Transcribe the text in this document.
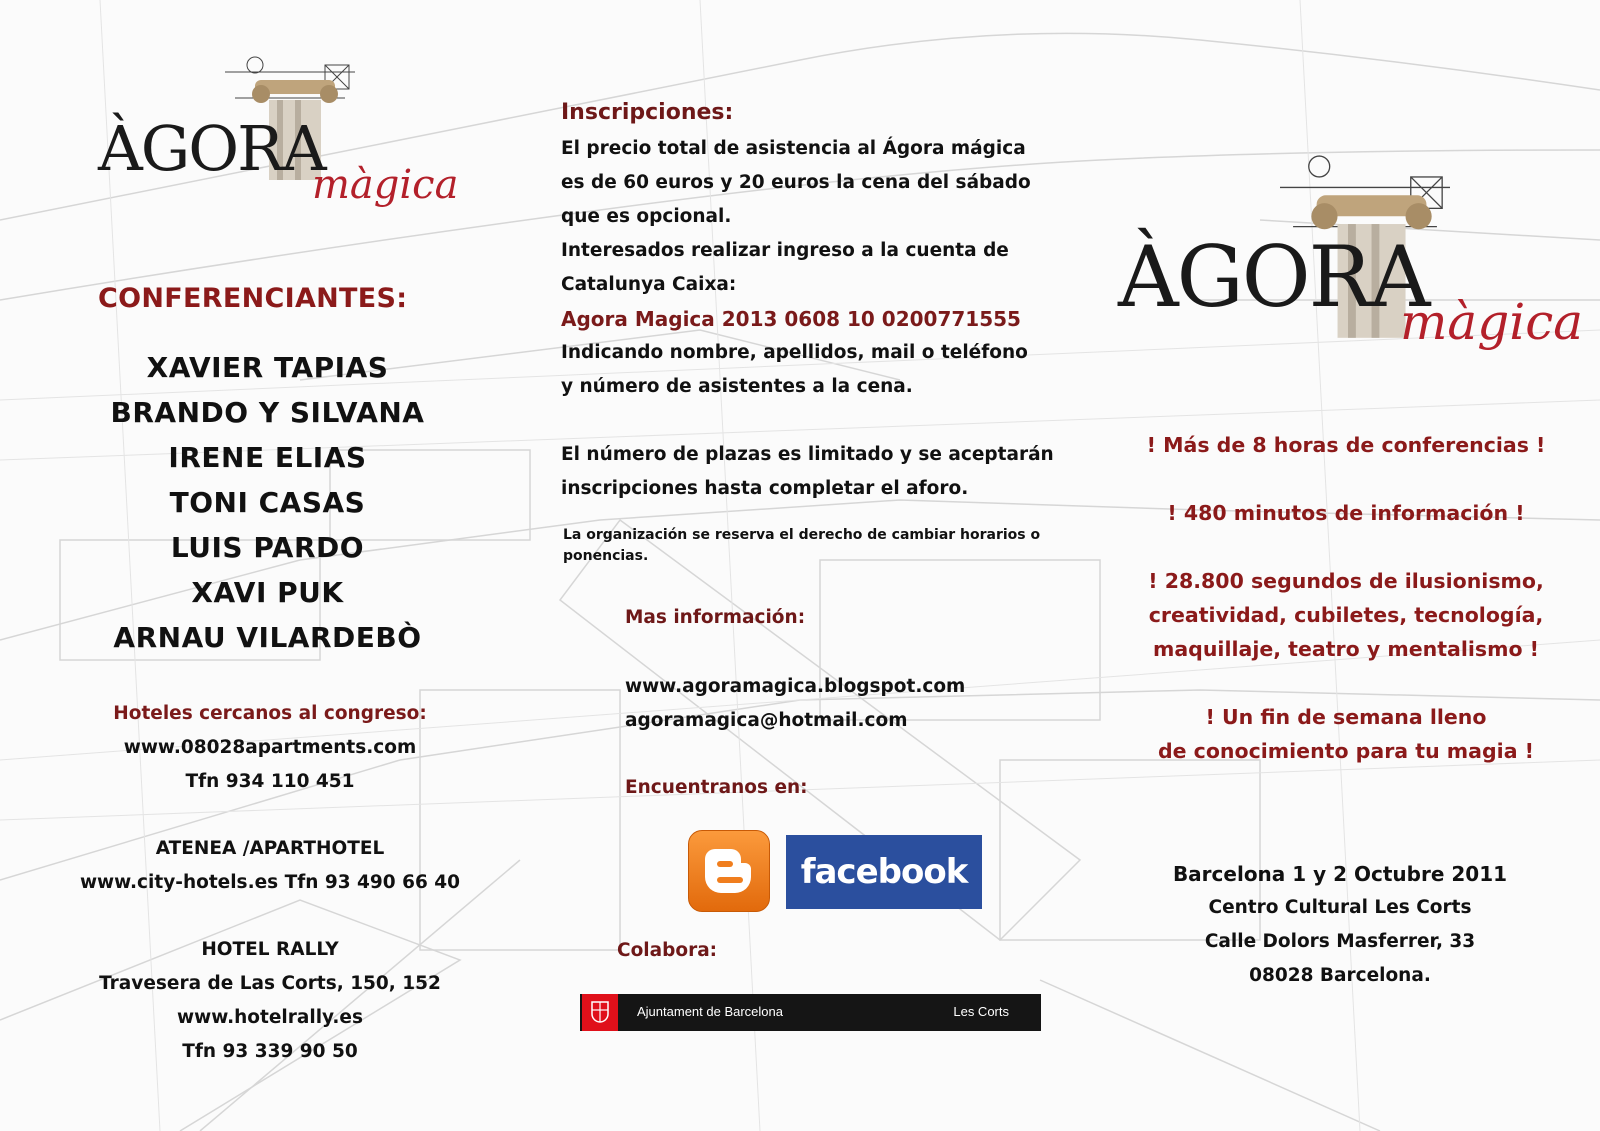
ÀGORA
màgica
CONFERENCIANTES:
XAVIER TAPIAS
BRANDO Y SILVANA
IRENE ELIAS
TONI CASAS
LUIS PARDO
XAVI PUK
ARNAU VILARDEBÒ
Hoteles cercanos al congreso:
www.08028apartments.com
Tfn 934 110 451
ATENEA /APARTHOTEL
www.city-hotels.es Tfn 93 490 66 40
HOTEL RALLY
Travesera de Las Corts, 150, 152
www.hotelrally.es
Tfn 93 339 90 50
Inscripciones:
El precio total de asistencia al Ágora mágica
es de 60 euros y 20 euros la cena del sábado
que es opcional.
Interesados realizar ingreso a la cuenta de
Catalunya Caixa:
Agora Magica 2013 0608 10 0200771555
Indicando nombre, apellidos, mail o teléfono
y número de asistentes a la cena.
El número de plazas es limitado y se aceptarán
inscripciones hasta completar el aforo.
La organización se reserva el derecho de cambiar horarios o ponencias.
Mas información:
www.agoramagica.blogspot.com
agoramagica@hotmail.com
Encuentranos en:
facebook
Colabora:
Ajuntament de Barcelona	Les Corts
ÀGORA
màgica
! Más de 8 horas de conferencias !
! 480 minutos de información !
! 28.800 segundos de ilusionismo,
creatividad, cubiletes, tecnología,
maquillaje, teatro y mentalismo !
! Un fin de semana lleno
de conocimiento para tu magia !
Barcelona 1 y 2 Octubre 2011
Centro Cultural Les Corts
Calle Dolors Masferrer, 33
08028 Barcelona.
